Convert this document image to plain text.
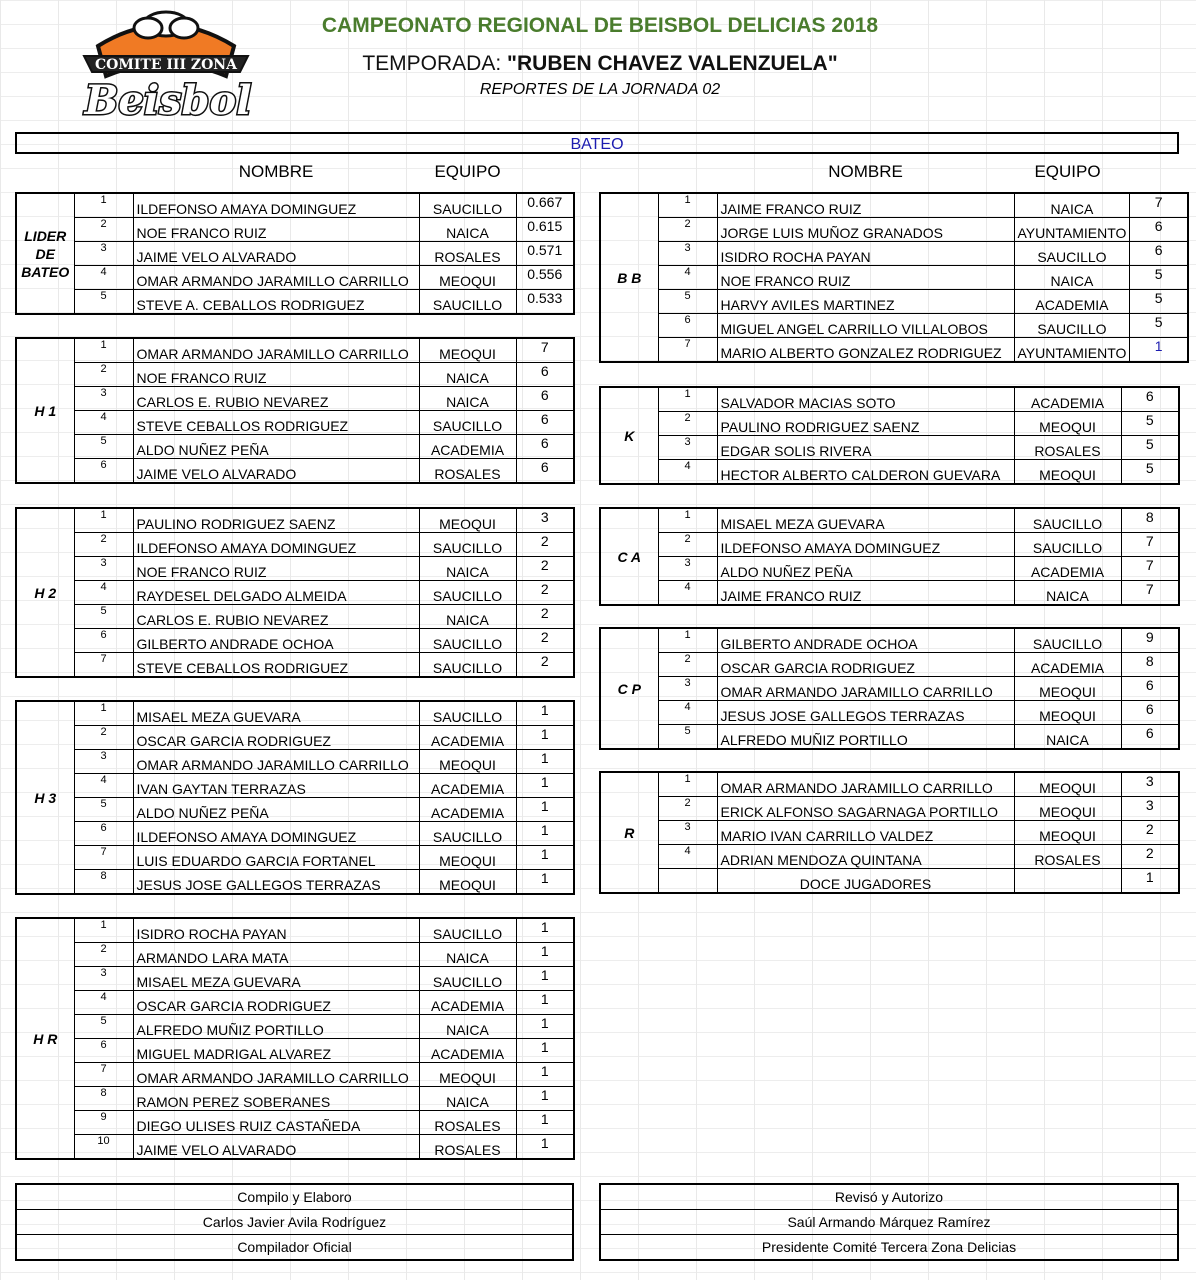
COMITE III ZONA
Beisbol
CAMPEONATO REGIONAL DE BEISBOL DELICIAS 2018
TEMPORADA: "RUBEN CHAVEZ VALENZUELA"
REPORTES DE LA JORNADA 02
BATEO
NOMBRE	EQUIPO	NOMBRE	EQUIPO
LIDER DE BATEO	1	ILDEFONSO AMAYA DOMINGUEZ	SAUCILLO	0.667
	2	NOE FRANCO RUIZ	NAICA	0.615
	3	JAIME VELO ALVARADO	ROSALES	0.571
	4	OMAR ARMANDO JARAMILLO CARRILLO	MEOQUI	0.556
	5	STEVE A. CEBALLOS RODRIGUEZ	SAUCILLO	0.533
H 1	1	OMAR ARMANDO JARAMILLO CARRILLO	MEOQUI	7
	2	NOE FRANCO RUIZ	NAICA	6
	3	CARLOS E. RUBIO NEVAREZ	NAICA	6
	4	STEVE CEBALLOS RODRIGUEZ	SAUCILLO	6
	5	ALDO NUÑEZ PEÑA	ACADEMIA	6
	6	JAIME VELO ALVARADO	ROSALES	6
H 2	1	PAULINO RODRIGUEZ SAENZ	MEOQUI	3
	2	ILDEFONSO AMAYA DOMINGUEZ	SAUCILLO	2
	3	NOE FRANCO RUIZ	NAICA	2
	4	RAYDESEL DELGADO ALMEIDA	SAUCILLO	2
	5	CARLOS E. RUBIO NEVAREZ	NAICA	2
	6	GILBERTO ANDRADE OCHOA	SAUCILLO	2
	7	STEVE CEBALLOS RODRIGUEZ	SAUCILLO	2
H 3	1	MISAEL MEZA GUEVARA	SAUCILLO	1
	2	OSCAR GARCIA RODRIGUEZ	ACADEMIA	1
	3	OMAR ARMANDO JARAMILLO CARRILLO	MEOQUI	1
	4	IVAN GAYTAN TERRAZAS	ACADEMIA	1
	5	ALDO NUÑEZ PEÑA	ACADEMIA	1
	6	ILDEFONSO AMAYA DOMINGUEZ	SAUCILLO	1
	7	LUIS EDUARDO GARCIA FORTANEL	MEOQUI	1
	8	JESUS JOSE GALLEGOS TERRAZAS	MEOQUI	1
H R	1	ISIDRO ROCHA PAYAN	SAUCILLO	1
	2	ARMANDO LARA MATA	NAICA	1
	3	MISAEL MEZA GUEVARA	SAUCILLO	1
	4	OSCAR GARCIA RODRIGUEZ	ACADEMIA	1
	5	ALFREDO MUÑIZ PORTILLO	NAICA	1
	6	MIGUEL MADRIGAL ALVAREZ	ACADEMIA	1
	7	OMAR ARMANDO JARAMILLO CARRILLO	MEOQUI	1
	8	RAMON PEREZ SOBERANES	NAICA	1
	9	DIEGO ULISES RUIZ CASTAÑEDA	ROSALES	1
	10	JAIME VELO ALVARADO	ROSALES	1
B B	1	JAIME FRANCO RUIZ	NAICA	7
	2	JORGE LUIS MUÑOZ GRANADOS	AYUNTAMIENTO	6
	3	ISIDRO ROCHA PAYAN	SAUCILLO	6
	4	NOE FRANCO RUIZ	NAICA	5
	5	HARVY AVILES MARTINEZ	ACADEMIA	5
	6	MIGUEL ANGEL CARRILLO VILLALOBOS	SAUCILLO	5
	7	MARIO ALBERTO GONZALEZ RODRIGUEZ	AYUNTAMIENTO	1
K	1	SALVADOR MACIAS SOTO	ACADEMIA	6
	2	PAULINO RODRIGUEZ SAENZ	MEOQUI	5
	3	EDGAR SOLIS RIVERA	ROSALES	5
	4	HECTOR ALBERTO CALDERON GUEVARA	MEOQUI	5
C A	1	MISAEL MEZA GUEVARA	SAUCILLO	8
	2	ILDEFONSO AMAYA DOMINGUEZ	SAUCILLO	7
	3	ALDO NUÑEZ PEÑA	ACADEMIA	7
	4	JAIME FRANCO RUIZ	NAICA	7
C P	1	GILBERTO ANDRADE OCHOA	SAUCILLO	9
	2	OSCAR GARCIA RODRIGUEZ	ACADEMIA	8
	3	OMAR ARMANDO JARAMILLO CARRILLO	MEOQUI	6
	4	JESUS JOSE GALLEGOS TERRAZAS	MEOQUI	6
	5	ALFREDO MUÑIZ PORTILLO	NAICA	6
R	1	OMAR ARMANDO JARAMILLO CARRILLO	MEOQUI	3
	2	ERICK ALFONSO SAGARNAGA PORTILLO	MEOQUI	3
	3	MARIO IVAN CARRILLO VALDEZ	MEOQUI	2
	4	ADRIAN MENDOZA QUINTANA	ROSALES	2
		DOCE JUGADORES		1
Compilo y Elaboro
Carlos Javier Avila Rodríguez
Compilador Oficial
Revisó y Autorizo
Saúl Armando Márquez Ramírez
Presidente Comité Tercera Zona Delicias
